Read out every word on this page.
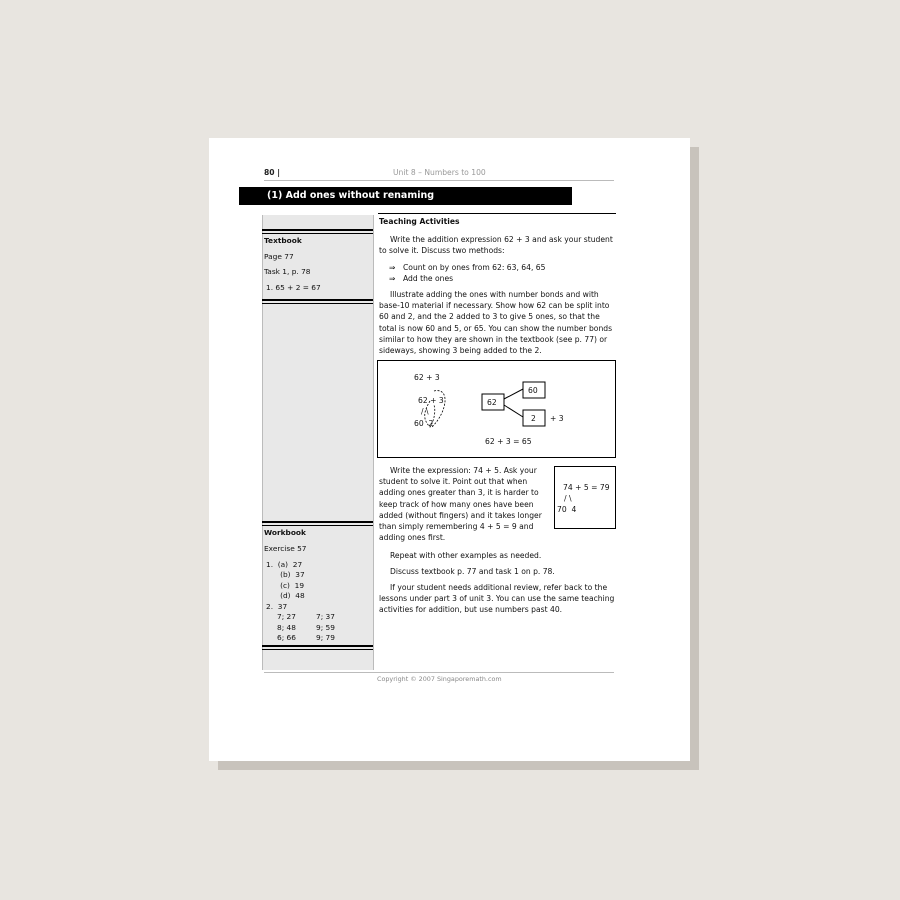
80 |	Unit 8 – Numbers to 100
(1) Add ones without renaming
Textbook
Page 77
Task 1, p. 78
1. 65 + 2 = 67
Workbook
Exercise 57
1.  (a)  27
(b)  37
(c)  19
(d)  48
2.  37
7; 27	7; 37
8; 48	9; 59
6; 66	9; 79
Teaching Activities
Write the addition expression 62 + 3 and ask your student to solve it. Discuss two methods:
⇒ Count on by ones from 62: 63, 64, 65
⇒ Add the ones
Illustrate adding the ones with number bonds and with base-10 material if necessary. Show how 62 can be split into 60 and 2, and the 2 added to 3 to give 5 ones, so that the total is now 60 and 5, or 65. You can show the number bonds similar to how they are shown in the textbook (see p. 77) or sideways, showing 3 being added to the 2.
62 + 3
62 + 3
/ \
60  2
62
60
2 + 3
62 + 3 = 65
Write the expression: 74 + 5. Ask your student to solve it. Point out that when adding ones greater than 3, it is harder to keep track of how many ones have been added (without fingers) and it takes longer than simply remembering 4 + 5 = 9 and adding ones first.
74 + 5 = 79
/ \
70  4
Repeat with other examples as needed.
Discuss textbook p. 77 and task 1 on p. 78.
If your student needs additional review, refer back to the lessons under part 3 of unit 3. You can use the same teaching activities for addition, but use numbers past 40.
Copyright © 2007 Singaporemath.com
